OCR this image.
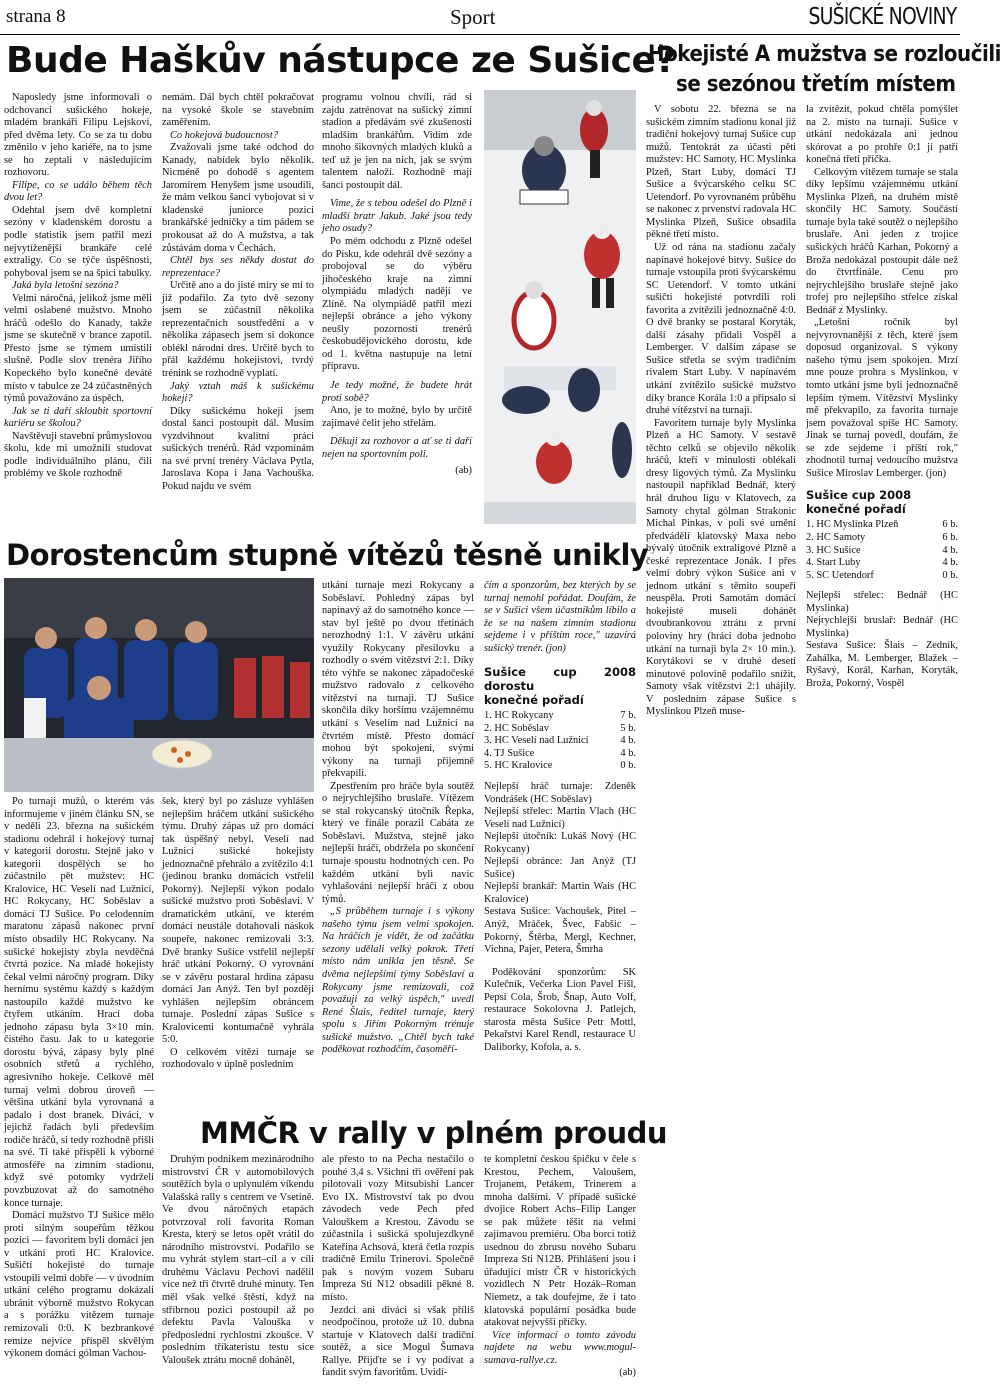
strana 8	Sport	SUŠICKÉ NOVINY
Bude Haškův nástupce ze Sušice?

Naposledy jsme informovali o odchovanci sušického hokeje, mladém brankáři Filipu Lejskovi, před dvěma lety. Co se za tu dobu změnilo v jeho kariéře, na to jsme se ho zeptali v následujícím rozhovoru.

Filipe, co se událo během těch dvou let?

Odehtal jsem dvě kompletní sezóny v kladenském dorostu a podle statistik jsem patřil mezi nejvytíženější brankáře celé extraligy. Co se týče úspěšnosti, pohyboval jsem se na špici tabulky.

Jaká byla letošní sezóna?

Velmi náročná, jelikož jsme měli velmi oslabené mužstvo. Mnoho hráčů odešlo do Kanady, takže jsme se skutečně v brance zapotil. Přesto jsme se týmem umístili slušně. Podle slov trenéra Jiřího Kopeckého bylo konečné deváté místo v tabulce ze 24 zúčastněných týmů považováno za úspěch.

Jak se ti daří skloubit sportovní kariéru se školou?

Navštěvuji stavební průmyslovou školu, kde mi umožnili studovat podle individuálního plánu, čili problémy ve škole rozhodně

nemám. Dál bych chtěl pokračovat na vysoké škole se stavebním zaměřením.

Co hokejová budoucnost?

Zvažovali jsme také odchod do Kanady, nabídek bylo několik. Nicméně po dohodě s agentem Jaromírem Henyšem jsme usoudili, že mám velkou šanci vybojovat si v kladenské juniorce pozici brankářské jedničky a tím pádem se prokousat až do A mužstva, a tak zůstávám doma v Čechách.

Chtěl bys ses někdy dostat do reprezentace?

Určitě ano a do jisté míry se mi to již podařilo. Za tyto dvě sezony jsem se zúčastnil několika reprezentačních soustředění a v několika zápasech jsem si dokonce oblékl národní dres. Určitě bych to přál každému hokejistovi, tvrdý trénink se rozhodně vyplatí.

Jaký vztah máš k sušickému hokeji?

Díky sušickému hokeji jsem dostal šanci postoupit dál. Musím vyzdvihnout kvalitní práci sušických trenérů. Rád vzpomínám na své první trenéry Václava Pytla, Jaroslava Kopa i Jana Vachouška. Pokud najdu ve svém

programu volnou chvíli, rád si zajdu zatrénovat na sušický zimní stadion a předávám své zkušenosti mladším brankářům. Vidím zde mnoho šikovných mladých kluků a teď už je jen na nich, jak se svým talentem naloží. Rozhodně mají šanci postoupit dál.

Vime, že s tebou odešel do Plzně i mladší bratr Jakub. Jaké jsou tedy jeho osudy?

Po mém odchodu z Plzně odešel do Písku, kde odehrál dvě sezóny a probojoval se do výběru jihočeského kraje na zimní olympiádu mladých nadějí ve Zlíně. Na olympiádě patřil mezi nejlepší obránce a jeho výkony neušly pozornosti trenérů českobudějovického dorostu, kde od 1. května nastupuje na letní přípravu.

Je tedy možné, že budete hrát proti sobě?

Ano, je to možné, bylo by určitě zajímavé čelit jeho střelám.

Děkuji za rozhovor a ať se ti daří nejen na sportovním poli.

(ab)

Hokejisté A mužstva se rozloučili
se sezónou třetím místem

V sobotu 22. března se na sušickém zimním stadionu konal již tradiční hokejový turnaj Sušice cup mužů. Tentokrát za účasti pěti mužstev: HC Samoty, HC Myslinka Plzeň, Start Luby, domácí TJ Sušice a švýcarského celku SC Uetendorf. Po vyrovnaném průběhu se nakonec z prvenství radovala HC Myslinka Plzeň, Sušice obsadila pěkné třetí místo.

Už od rána na stadionu začaly napínavé hokejové bitvy. Sušice do turnaje vstoupila proti švýcarskému SC Uetendorf. V tomto utkání sušičtí hokejisté potvrdili roli favorita a zvítězili jednoznačně 4:0. O dvě branky se postaral Koryták, další zásahy přidali Vospěl a Lemberger. V dalším zápase se Sušice střetla se svým tradičním rivalem Start Luby. V napínavém utkání zvítězilo sušické mužstvo díky brance Korála 1:0 a připsalo si druhé vítězství na turnaji.

Favoritem turnaje byly Myslinka Plzeň a HC Samoty. V sestavě těchto celků se objevilo několik hráčů, kteří v minulosti oblékali dresy ligových týmů. Za Myslinku nastoupil například Bednář, který hrál druhou ligu v Klatovech, za Samoty chytal gólman Strakonic Michal Pinkas, v poli své umění předvádělí klatovský Maxa nebo bývalý útočník extraligové Plzně a české reprezentace Jonák. I přes velmi dobrý výkon Sušice ani v jednom utkání s těmito soupeři neuspěla. Proti Samotám domácí hokejisté museli dohánět dvoubrankovou ztrátu z první poloviny hry (hráci doba jednoho utkání na turnaji byla 2× 10 min.). Korytákovi se v druhé deseti minutové polovině podařilo snížit, Samoty však vítězství 2:1 uhájily. V posledním zápase Sušice s Myslinkou Plzeň muse-

la zvítězit, pokud chtěla pomýšlet na 2. místo na turnaji. Sušice v utkání nedokázala ani jednou skórovat a po prohře 0:1 jí patří konečná třetí příčka.

Celkovým vítězem turnaje se stala díky lepšímu vzájemnému utkání Myslinka Plzeň, na druhém místě skončily HC Samoty. Součástí turnaje byla také soutěž o nejlepšího bruslaře. Ani jeden z trojice sušických hráčů Karhan, Pokorný a Broža nedokázal postoupit dále než do čtvrtfinále. Cenu pro nejrychlejšího bruslaře stejně jako trofej pro nejlepšího střelce získal Bednář z Myslinky.

„Letošní ročník byl nejvyrovnanější z těch, které jsem doposud organizoval. S výkony našeho týmu jsem spokojen. Mrzí mne pouze prohra s Myslinkou, v tomto utkání jsme byli jednoznačně lepším týmem. Vítězství Myslinky mě překvapilo, za favorita turnaje jsem považoval spíše HC Samoty. Jinak se turnaj povedl, doufám, že se zde sejdeme i příští rok," zhodnotil turnaj vedoucího mužstva Sušice Miroslav Lemberger. (jon)

Sušice cup 2008
konečné pořadí
1. HC Myslinka Plzeň	6 b.
2. HC Samoty	6 b.
3. HC Sušice	4 b.
4. Start Luby	4 b.
5. SC Uetendorf	0 b.

Nejlepší střelec: Bednář (HC Myslinka)

Nejrychlejší bruslař: Bednář (HC Myslinka)

Sestava Sušice: Šlais – Zedník, Zahálka, M. Lemberger, Blažek – Ryšavý, Korál, Karhan, Koryták, Broža, Pokorný, Vospěl

Dorostencům stupně vítězů těsně unikly

Po turnaji mužů, o kterém vás informujeme v jiném článku SN, se v neděli 23. března na sušickém stadionu odehrál i hokejový turnaj v kategorii dorostu. Stejně jako v kategorii dospělých se ho zúčastnilo pět mužstev: HC Kralovice, HC Veselí nad Lužnicí, HC Rokycany, HC Soběslav a domácí TJ Sušice. Po celodenním maratonu zápasů nakonec první místo obsadily HC Rokycany. Na sušické hokejisty zbyla nevděčná čtvrtá pozice. Na mladé hokejisty čekal velmi náročný program. Díky hernímu systému každý s každým nastoupilo každé mužstvo ke čtyřem utkáním. Hrací doba jednoho zápasu byla 3×10 min. čistého času. Jak to u kategorie dorostu bývá, zápasy byly plné osobních střetů a rychlého, agresivního hokeje. Celkově měl turnaj velmi dobrou úroveň — většina utkání byla vyrovnaná a padalo i dost branek. Diváci, v jejichž řadách byli především rodiče hráčů, si tedy rozhodně přišli na své. Ti také přispěli k výborné atmosféře na zimním stadionu, když své potomky vydrželi povzbuzovat až do samotného konce turnaje.

Domácí mužstvo TJ Sušice mělo proti silným soupeřům těžkou pozici — favoritem byli domácí jen v utkání proti HC Kralovice. Sušičtí hokejisté do turnaje vstoupili velmi dobře — v úvodním utkání celého programu dokázali ubránit výborně mužstvo Rokycan a s porážku vítězem turnaje remizovali 0:0. K bezbrankové remíze nejvíce přispěl skvělým výkonem domácí gólman Vachou-

šek, který byl po zásluze vyhlášen nejlepším hráčem utkání sušického týmu. Druhý zápas už pro domácí tak úspěšný nebyl. Veselí nad Lužnicí sušické hokejisty jednoznačně přehrálo a zvítězilo 4:1 (jedinou branku domácích vstřelil Pokorný). Nejlepší výkon podalo sušické mužstvo proti Soběslavi. V dramatickém utkání, ve kterém domácí neustále dotahovali náskok soupeře, nakonec remizovali 3:3. Dvě branky Sušice vstřelil nejlepší hráč utkání Pokorný. O vyrovnání se v závěru postaral hrdina zápasu domácí Jan Anýž. Ten byl později vyhlášen nejlepším obráncem turnaje. Poslední zápas Sušice s Kralovicemi kontumačně vyhrála 5:0.

O celkovém vítězi turnaje se rozhodovalo v úplně posledním

utkání turnaje mezi Rokycany a Soběslaví. Pohledný zápas byl napínavý až do samotného konce — stav byl ještě po dvou třetinách nerozhodný 1:1. V závěru utkání využily Rokycany přesilovku a rozhodly o svém vítězství 2:1. Díky této výhře se nakonec západočeské mužstvo radovalo z celkového vítězství na turnaji. TJ Sušice skončila díky horšímu vzájemnému utkání s Veselím nad Lužnicí na čtvrtém místě. Přesto domácí mohou být spokojeni, svými výkony na turnaji přijemně překvapili.

Zpestřením pro hráče byla soutěž o nejrychlejšího bruslaře. Vítězem se stal rokycanský útočník Řepka, který ve finále porazil Cabáta ze Soběslavi. Mužstva, stejně jako nejlepší hráči, obdržela po skončení turnaje spoustu hodnotných cen. Po každém utkání byli navíc vyhlašováni nejlepší hráči z obou týmů.

„S průběhem turnaje i s výkony našeho týmu jsem velmi spokojen. Na hráčích je vidět, že od začátku sezony udělali velký pokrok. Třetí místo nám unikla jen těsně. Se dvěma nejlepšími týmy Soběslaví a Rokycany jsme remizovali, což považuji za velký úspěch," uvedl René Šlais, ředitel turnaje, který spolu s Jiřím Pokorným trénuje sušické mužstvo. „Chtěl bych také poděkovat rozhodčím, časoměří-

čím a sponzorům, bez kterých by se turnaj nemohl pořádat. Doufám, že se v Sušici všem účastníkům líbilo a že se na našem zimním stadionu sejdeme i v příštím roce," uzavírá sušický trenér. (jon)

Sušice cup 2008 dorostu
konečné pořadí
1. HC Rokycany	7 b.
2. HC Soběslav	5 b.
3. HC Veselí nad Lužnicí	4 b.
4. TJ Sušice	4 b.
5. HC Kralovice	0 b.

Nejlepší hráč turnaje: Zdeněk Vondrášek (HC Soběslav)

Nejlepší střelec: Martin Vlach (HC Veselí nad Lužnicí)

Nejlepší útočník: Lukáš Nový (HC Rokycany)

Nejlepší obránce: Jan Anýž (TJ Sušice)

Nejlepší brankář: Martin Wais (HC Kralovice)

Sestava Sušice: Vachoušek, Pitel – Anýž, Mráček, Švec, Fabšic – Pokorný, Štěrba, Mergl, Kechner, Vichna, Pajer, Petera, Šmrha

Poděkování sponzorům: SK Kulečník, Večerka Lion Pavel Fišl, Pepsi Cola, Šrob, Šnap, Auto Volf, restaurace Sokolovna J. Patlejch, starosta města Sušice Petr Mottl, Pekařství Karel Rendl, restaurace U Daliborky, Kofola, a. s.

MMČR v rally v plném proudu

Druhým podnikem mezinárodního mistrovství ČR v automobilových soutěžích byla o uplynulém víkendu Valašská rally s centrem ve Vsetíně. Ve dvou náročných etapách potvrzoval roli favorita Roman Kresta, který se letos opět vrátil do národního mistrovství. Podařilo se mu vyhrát stylem start–cíl a v cíli druhému Václavu Pechovi nadělil více než tři čtvrtě druhé minuty. Ten měl však velké štěstí, když na stříbrnou pozici postoupil až po defektu Pavla Valouška v předposlední rychlostní zkoušce. V posledním tříkateristu testu sice Valoušek ztrátu mocně doháněl,

ale přesto to na Pecha nestačilo o pouhé 3,4 s. Všichni tři ověření pak pilotovali vozy Mitsubishi Lancer Evo IX. Mistrovství tak po dvou závodech vede Pech před Valouškem a Krestou. Závodu se zúčastnila i sušická spolujezdkyně Kateřina Achsová, která četla rozpis tradičně Emilu Trinerovi. Společně pak s novým vozem Subaru Impreza Sti N12 obsadili pěkné 8. místo.

Jezdci ani diváci si však příliš neodpočinou, protože už 10. dubna startuje v Klatovech další tradiční soutěž, a sice Mogul Šumava Rallye. Přijďte se i vy podívat a fandit svým favoritům. Uvidí-

te kompletní českou špičku v čele s Krestou, Pechem, Valoušem, Trojanem, Petákem, Trinerem a mnoha dalšími. V případě sušické dvojice Robert Achs–Filip Langer se pak můžete těšit na velmi zajímavou premiéru. Oba borci totiž usednou do zbrusu nového Subaru Impreza Sti N12B. Přihlášeni jsou i úřadující mistr ČR v historických vozidlech N Petr Hozák–Roman Niemetz, a tak doufejme, že i tato klatovská populární posádka bude atakovat nejvyšší příčky.

Více informací o tomto závodu najdete na webu www.mogul-sumava-rallye.cz.

(ab)
